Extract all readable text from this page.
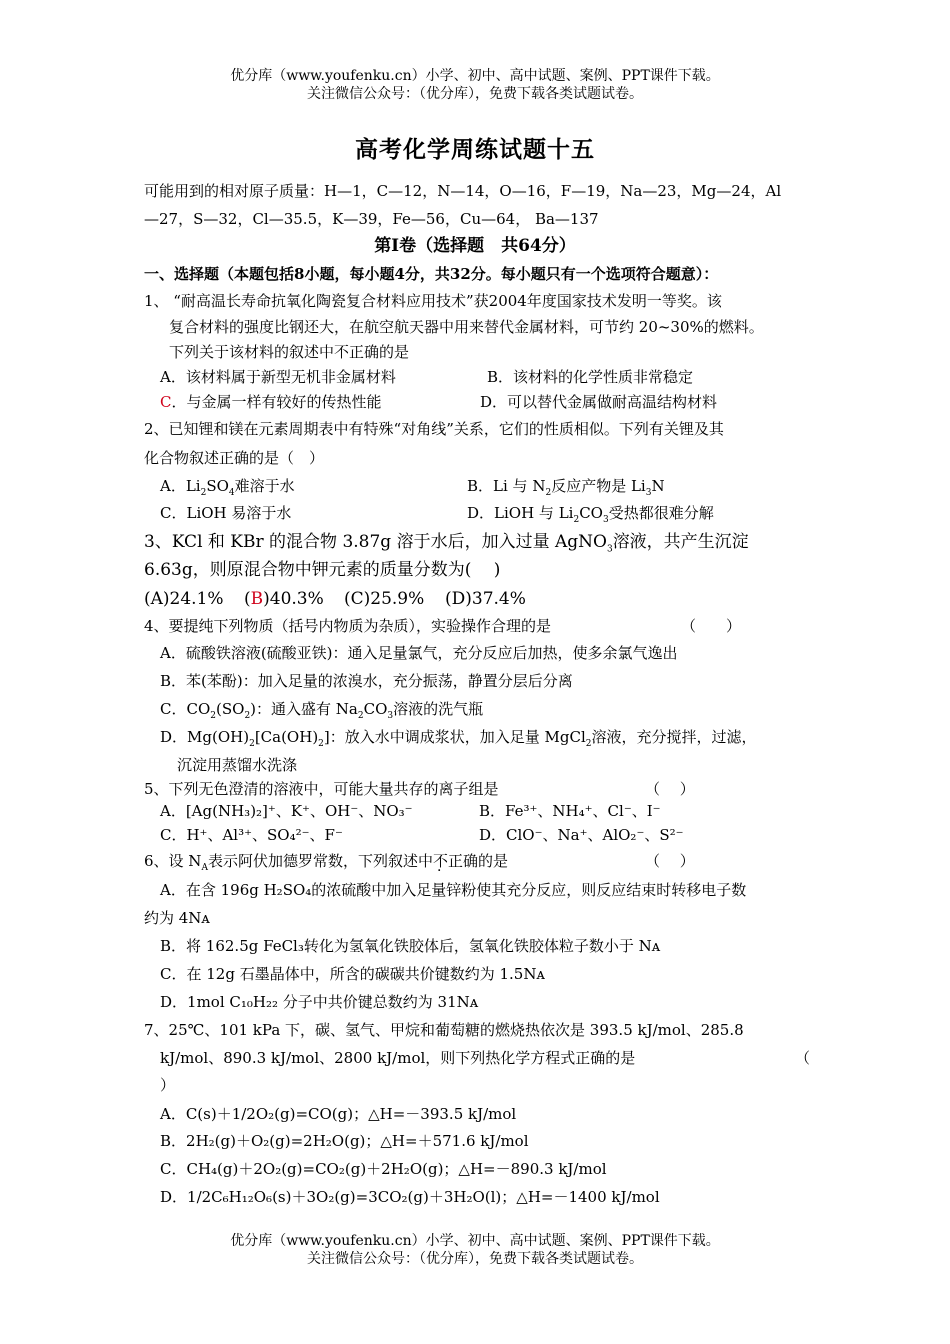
优分库（www.youfenku.cn）小学、初中、高中试题、案例、PPT课件下载。
关注微信公众号：（优分库），免费下载各类试题试卷。
高考化学周练试题十五
可能用到的相对原子质量：H—1，C—12，N—14，O—16，F—19，Na—23，Mg—24，Al
—27，S—32，Cl—35.5，K—39，Fe—56，Cu—64， Ba—137
第Ⅰ卷（选择题　共64分）
一、选择题（本题包括8小题，每小题4分，共32分。每小题只有一个选项符合题意）：
1、 “耐高温长寿命抗氧化陶瓷复合材料应用技术”获2004年度国家技术发明一等奖。该
复合材料的强度比钢还大，在航空航天器中用来替代金属材料，可节约 20~30%的燃料。
下列关于该材料的叙述中不正确的是
A．该材料属于新型无机非金属材料	B．该材料的化学性质非常稳定
C．与金属一样有较好的传热性能	D．可以替代金属做耐高温结构材料
2、已知锂和镁在元素周期表中有特殊“对角线”关系，它们的性质相似。下列有关锂及其
化合物叙述正确的是（　）
A．$Li_2SO_4$难溶于水	B．Li 与 $N_2$反应产物是 $Li_3N$
C．LiOH 易溶于水	D．LiOH 与 $Li_2CO_3$受热都很难分解
3、KCl 和 KBr 的混合物 3.87g 溶于水后，加入过量 AgNO$_3$溶液，共产生沉淀
6.63g，则原混合物中钾元素的质量分数为(　 )
(A)24.1% (B)40.3% (C)25.9% (D)37.4%
4、要提纯下列物质（括号内物质为杂质），实验操作合理的是	（　　）
A．硫酸铁溶液(硫酸亚铁)：通入足量氯气，充分反应后加热，使多余氯气逸出
B．苯(苯酚)：加入足量的浓溴水，充分振荡，静置分层后分离
C．$CO_2(SO_2)$：通入盛有 $Na_2CO_3$溶液的洗气瓶
D．$Mg(OH)_2[Ca(OH)_2]$：放入水中调成浆状，加入足量 MgCl$_2$溶液，充分搅拌，过滤，
沉淀用蒸馏水洗涤
5、下列无色澄清的溶液中，可能大量共存的离子组是	（　 ）
A．[Ag(NH₃)₂]⁺、K⁺、OH⁻、NO₃⁻	B．Fe³⁺、NH₄⁺、Cl⁻、I⁻
C．H⁺、Al³⁺、SO₄²⁻、F⁻	D．ClO⁻、Na⁺、AlO₂⁻、S²⁻
6、设 $N_A$表示阿伏加德罗常数，下列叙述中不正确的是	（　 ）
A．在含 196g H₂SO₄的浓硫酸中加入足量锌粉使其充分反应，则反应结束时转移电子数
约为 4Nᴀ
B．将 162.5g FeCl₃转化为氢氧化铁胶体后，氢氧化铁胶体粒子数小于 Nᴀ
C．在 12g 石墨晶体中，所含的碳碳共价键数约为 1.5Nᴀ
D．1mol C₁₀H₂₂ 分子中共价键总数约为 31Nᴀ
7、25℃、101 kPa 下，碳、氢气、甲烷和葡萄糖的燃烧热依次是 393.5 kJ/mol、285.8
kJ/mol、890.3 kJ/mol、2800 kJ/mol，则下列热化学方程式正确的是	（
）
A．C(s)＋1/2O₂(g)=CO(g)；△H=－393.5 kJ/mol
B．2H₂(g)＋O₂(g)=2H₂O(g)；△H=＋571.6 kJ/mol
C．CH₄(g)＋2O₂(g)=CO₂(g)＋2H₂O(g)；△H=－890.3 kJ/mol
D．1/2C₆H₁₂O₆(s)＋3O₂(g)=3CO₂(g)＋3H₂O(l)；△H=－1400 kJ/mol
优分库（www.youfenku.cn）小学、初中、高中试题、案例、PPT课件下载。
关注微信公众号：（优分库），免费下载各类试题试卷。
